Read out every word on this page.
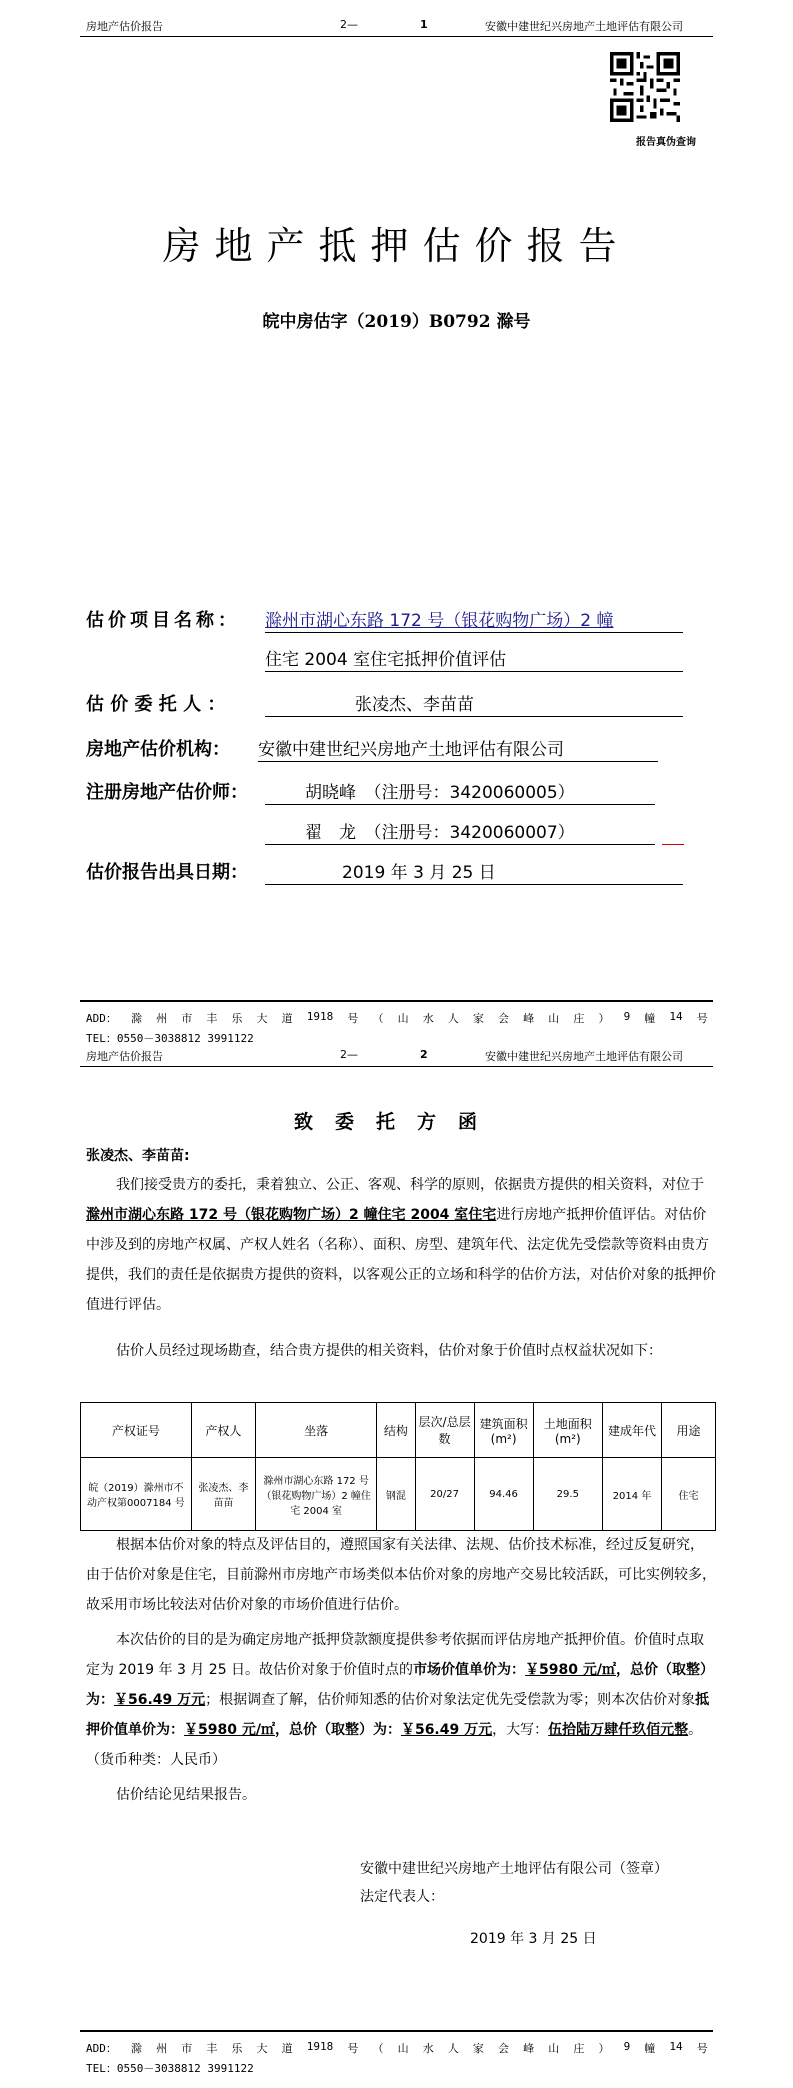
房地产估价报告	2—	1	安徽中建世纪兴房地产土地评估有限公司
报告真伪查询
房地产抵押估价报告
皖中房估字（2019）B0792 滁号
估价项目名称： 滁州市湖心东路 172 号（银花购物广场）2 幢
住宅 2004 室住宅抵押价值评估
估 价 委 托 人 ：	张凌杰、李苗苗
房地产估价机构： 安徽中建世纪兴房地产土地评估有限公司
注册房地产估价师：	胡晓峰　（注册号：3420060005）
翟　龙　（注册号：3420060007）
估价报告出具日期：	2019 年 3 月 25 日
ADD： 滁 州 市 丰 乐 大 道 1918 号 （ 山 水 人 家 会 峰 山 庄 ） 9 幢 14 号
TEL：0550－3038812 3991122
房地产估价报告	2—	2	安徽中建世纪兴房地产土地评估有限公司
致委托方函
张凌杰、李苗苗:
我们接受贵方的委托，秉着独立、公正、客观、科学的原则，依据贵方提供的相关资料，对位于滁州市湖心东路 172 号（银花购物广场）2 幢住宅 2004 室住宅进行房地产抵押价值评估。对估价中涉及到的房地产权属、产权人姓名（名称）、面积、房型、建筑年代、法定优先受偿款等资料由贵方提供，我们的责任是依据贵方提供的资料，以客观公正的立场和科学的估价方法，对估价对象的抵押价值进行评估。
估价人员经过现场勘查，结合贵方提供的相关资料，估价对象于价值时点权益状况如下：
产权证号	产权人	坐落	结构	层次/总层数	建筑面积(m²)	土地面积(m²)	建成年代	用途
皖（2019）滁州市不动产权第0007184 号	张凌杰、李苗苗	滁州市湖心东路 172 号（银花购物广场）2 幢住宅 2004 室	钢混	20/27	94.46	29.5	2014 年	住宅
根据本估价对象的特点及评估目的，遵照国家有关法律、法规、估价技术标准，经过反复研究，由于估价对象是住宅，目前滁州市房地产市场类似本估价对象的房地产交易比较活跃，可比实例较多，故采用市场比较法对估价对象的市场价值进行估价。
本次估价的目的是为确定房地产抵押贷款额度提供参考依据而评估房地产抵押价值。价值时点取定为 2019 年 3 月 25 日。故估价对象于价值时点的市场价值单价为：￥5980 元/㎡，总价（取整）为：￥56.49 万元；根据调查了解，估价师知悉的估价对象法定优先受偿款为零；则本次估价对象抵押价值单价为：￥5980 元/㎡，总价（取整）为：￥56.49 万元，大写：伍拾陆万肆仟玖佰元整。（货币种类：人民币）
估价结论见结果报告。
安徽中建世纪兴房地产土地评估有限公司（签章）
法定代表人：
2019 年 3 月 25 日
ADD： 滁 州 市 丰 乐 大 道 1918 号 （ 山 水 人 家 会 峰 山 庄 ） 9 幢 14 号
TEL：0550－3038812 3991122
